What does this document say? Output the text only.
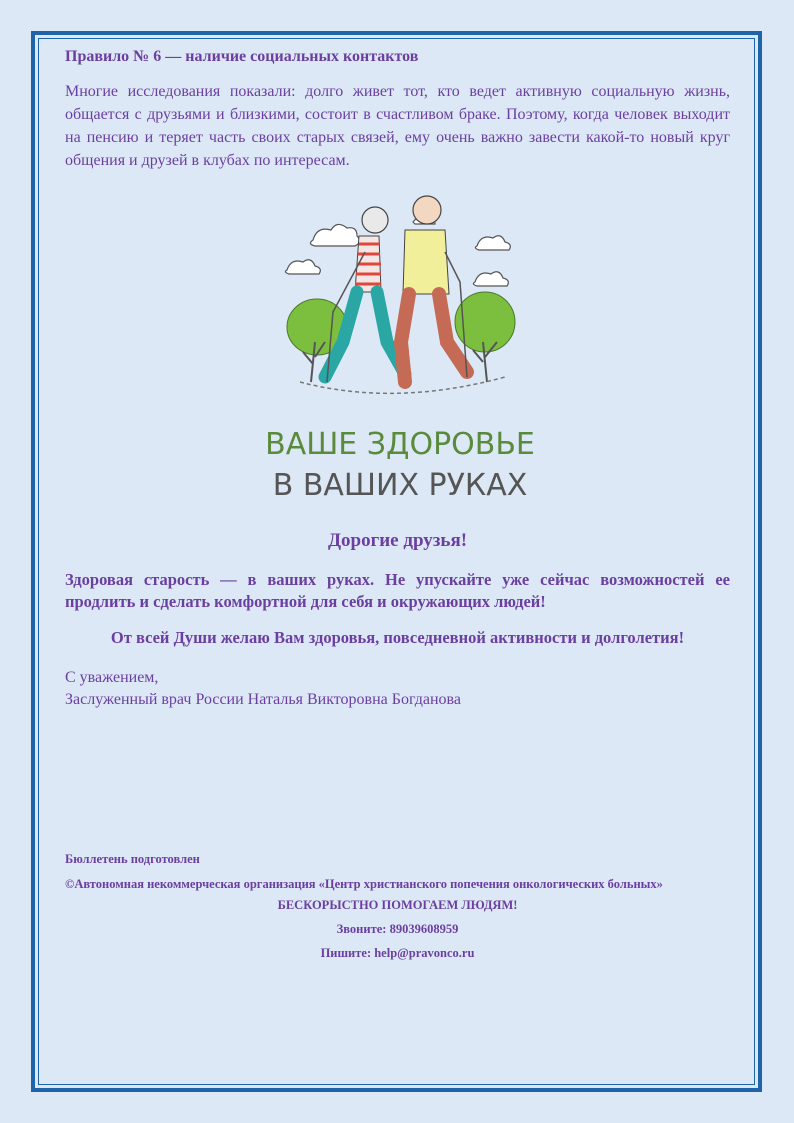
Правило № 6 — наличие социальных контактов

Многие исследования показали: долго живет тот, кто ведет активную социальную жизнь, общается с друзьями и близкими, состоит в счастливом браке. Поэтому, когда человек выходит на пенсию и теряет часть своих старых связей, ему очень важно завести какой-то новый круг общения и друзей в клубах по интересам.

ВАШЕ ЗДОРОВЬЕ
В ВАШИХ РУКАХ
Дорогие друзья!
Здоровая старость — в ваших руках. Не упускайте уже сейчас возможностей ее продлить и сделать комфортной для себя и окружающих людей!
От всей Души желаю Вам здоровья, повседневной активности и долголетия!
С уважением,
Заслуженный врач России Наталья Викторовна Богданова

Бюллетень подготовлен

©Автономная некоммерческая организация «Центр христианского попечения онкологических больных»

БЕСКОРЫСТНО ПОМОГАЕМ ЛЮДЯМ!

Звоните: 89039608959

Пишите: help@pravonco.ru
